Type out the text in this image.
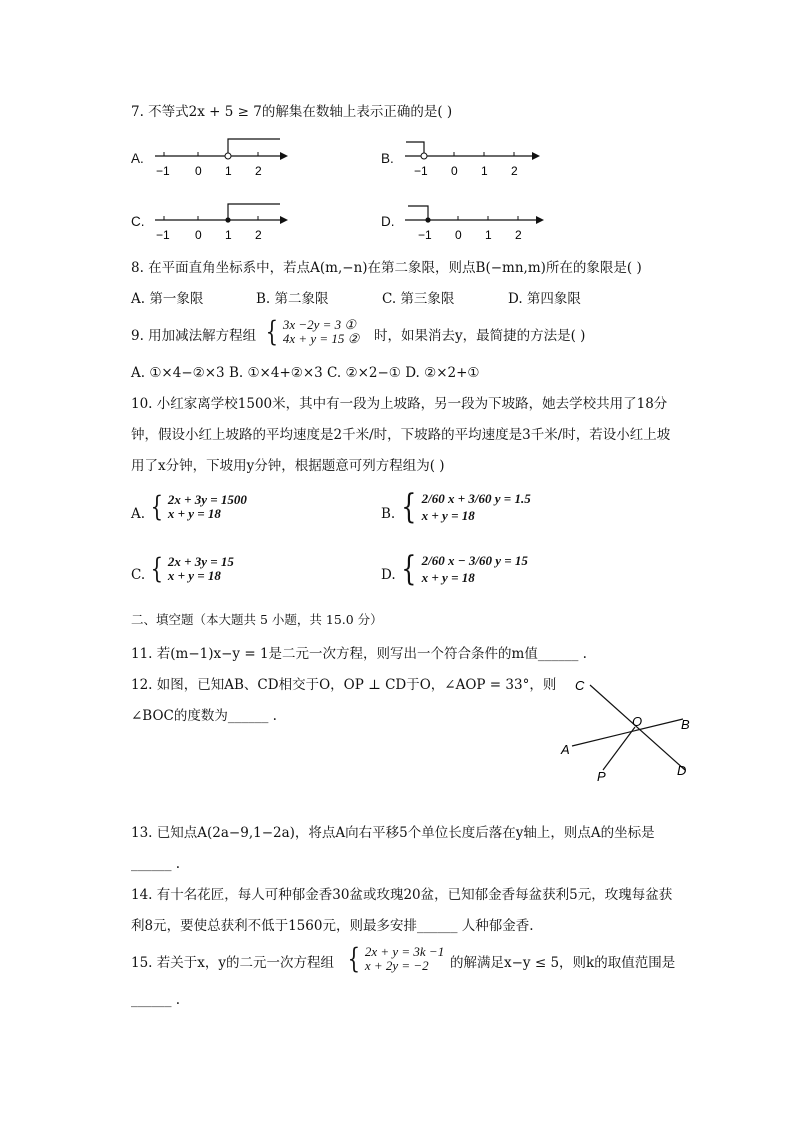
7. 不等式2x + 5 ≥ 7的解集在数轴上表示正确的是( )
A.
−1 0 1 2
B.
−1 0 1 2
C.
−1 0 1 2
D.
−1 0 1 2
8. 在平面直角坐标系中，若点A(m,−n)在第二象限，则点B(−mn,m)所在的象限是( )
A. 第一象限	B. 第二象限	C. 第三象限	D. 第四象限
9. 用加减法解方程组 { 3x −2y = 3 ①
4x + y = 15 ② 时，如果消去y，最简捷的方法是( )
A. ①×4−②×3 B. ①×4+②×3 C. ②×2−① D. ②×2+①
10. 小红家离学校1500米，其中有一段为上坡路，另一段为下坡路，她去学校共用了18分
钟，假设小红上坡路的平均速度是2千米/时，下坡路的平均速度是3千米/时，若设小红上坡
用了x分钟，下坡用y分钟，根据题意可列方程组为( )
A. { 2x + 3y = 1500
x + y = 18	B. { 2/60 x + 3/60 y = 1.5
x + y = 18
C. { 2x + 3y = 15
x + y = 18	D. { 2/60 x − 3/60 y = 15
x + y = 18
二、填空题（本大题共 5 小题，共 15.0 分）
11. 若(m−1)x−y = 1是二元一次方程，则写出一个符合条件的m值______ .
12. 如图，已知AB、CD相交于O，OP ⊥ CD于O，∠AOP = 33°，则
∠BOC的度数为______ .
C
O	B
A
P	D
13. 已知点A(2a−9,1−2a)，将点A向右平移5个单位长度后落在y轴上，则点A的坐标是
______ .
14. 有十名花匠，每人可种郁金香30盆或玫瑰20盆，已知郁金香每盆获利5元，玫瑰每盆获
利8元，要使总获利不低于1560元，则最多安排______ 人种郁金香.
15. 若关于x，y的二元一次方程组 { 2x + y = 3k −1
x + 2y = −2	的解满足x−y ≤ 5，则k的取值范围是
______ .
